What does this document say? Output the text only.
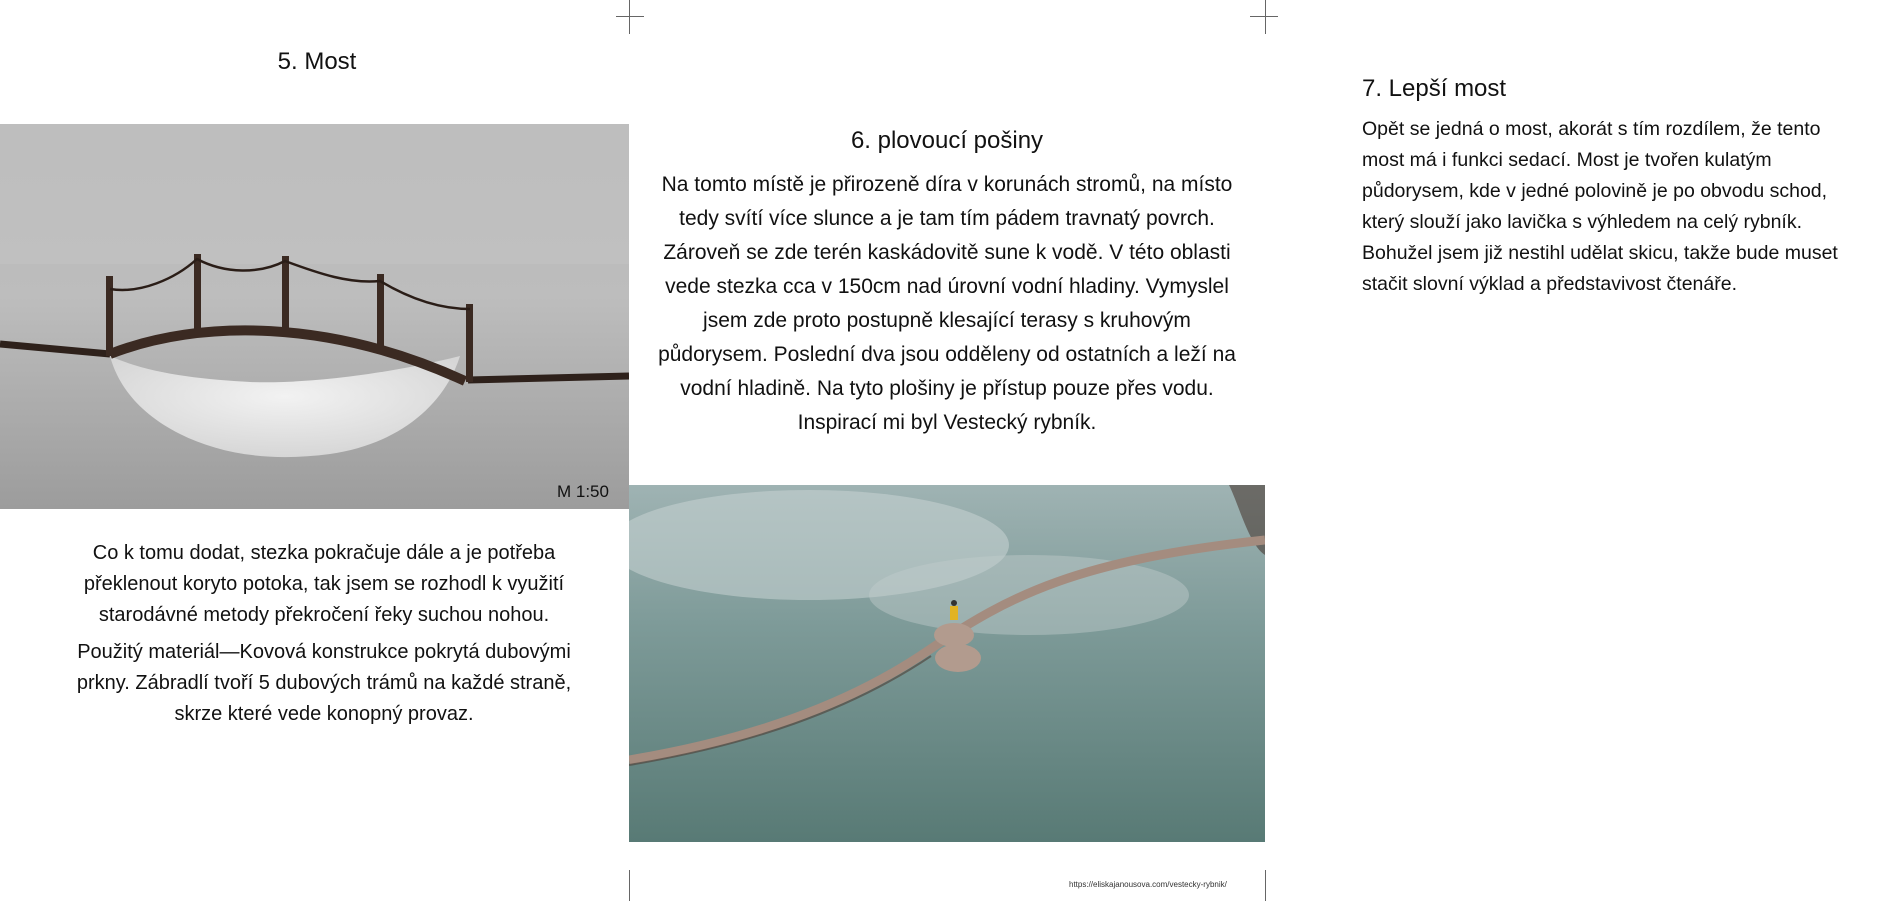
5. Most
M 1:50

Co k tomu dodat, stezka pokračuje dále a je potřeba překlenout koryto potoka, tak jsem se rozhodl k využití starodávné metody překročení řeky suchou nohou.

Použitý materiál—Kovová konstrukce pokrytá dubovými prkny. Zábradlí tvoří 5 dubových trámů na každé straně, skrze které vede konopný provaz.

6. plovoucí pošiny

Na tomto místě je přirozeně díra v korunách stromů, na místo tedy svítí více slunce a je tam tím pádem travnatý povrch. Zároveň se zde terén kaskádovitě sune k vodě. V této oblasti vede stezka cca v 150cm nad úrovní vodní hladiny. Vymyslel jsem zde proto postupně klesající terasy s kruhovým půdorysem. Poslední dva jsou odděleny od ostatních a leží na vodní hladině. Na tyto plošiny je přístup pouze přes vodu. Inspirací mi byl Vestecký rybník.

https://eliskajanousova.com/vestecky-rybnik/
7. Lepší most

Opět se jedná o most, akorát s tím rozdílem, že tento most má i funkci sedací. Most je tvořen kulatým půdorysem, kde v jedné polovině je po obvodu schod, který slouží jako lavička s výhledem na celý rybník. Bohužel jsem již nestihl udělat skicu, takže bude muset stačit slovní výklad a představivost čtenáře.
